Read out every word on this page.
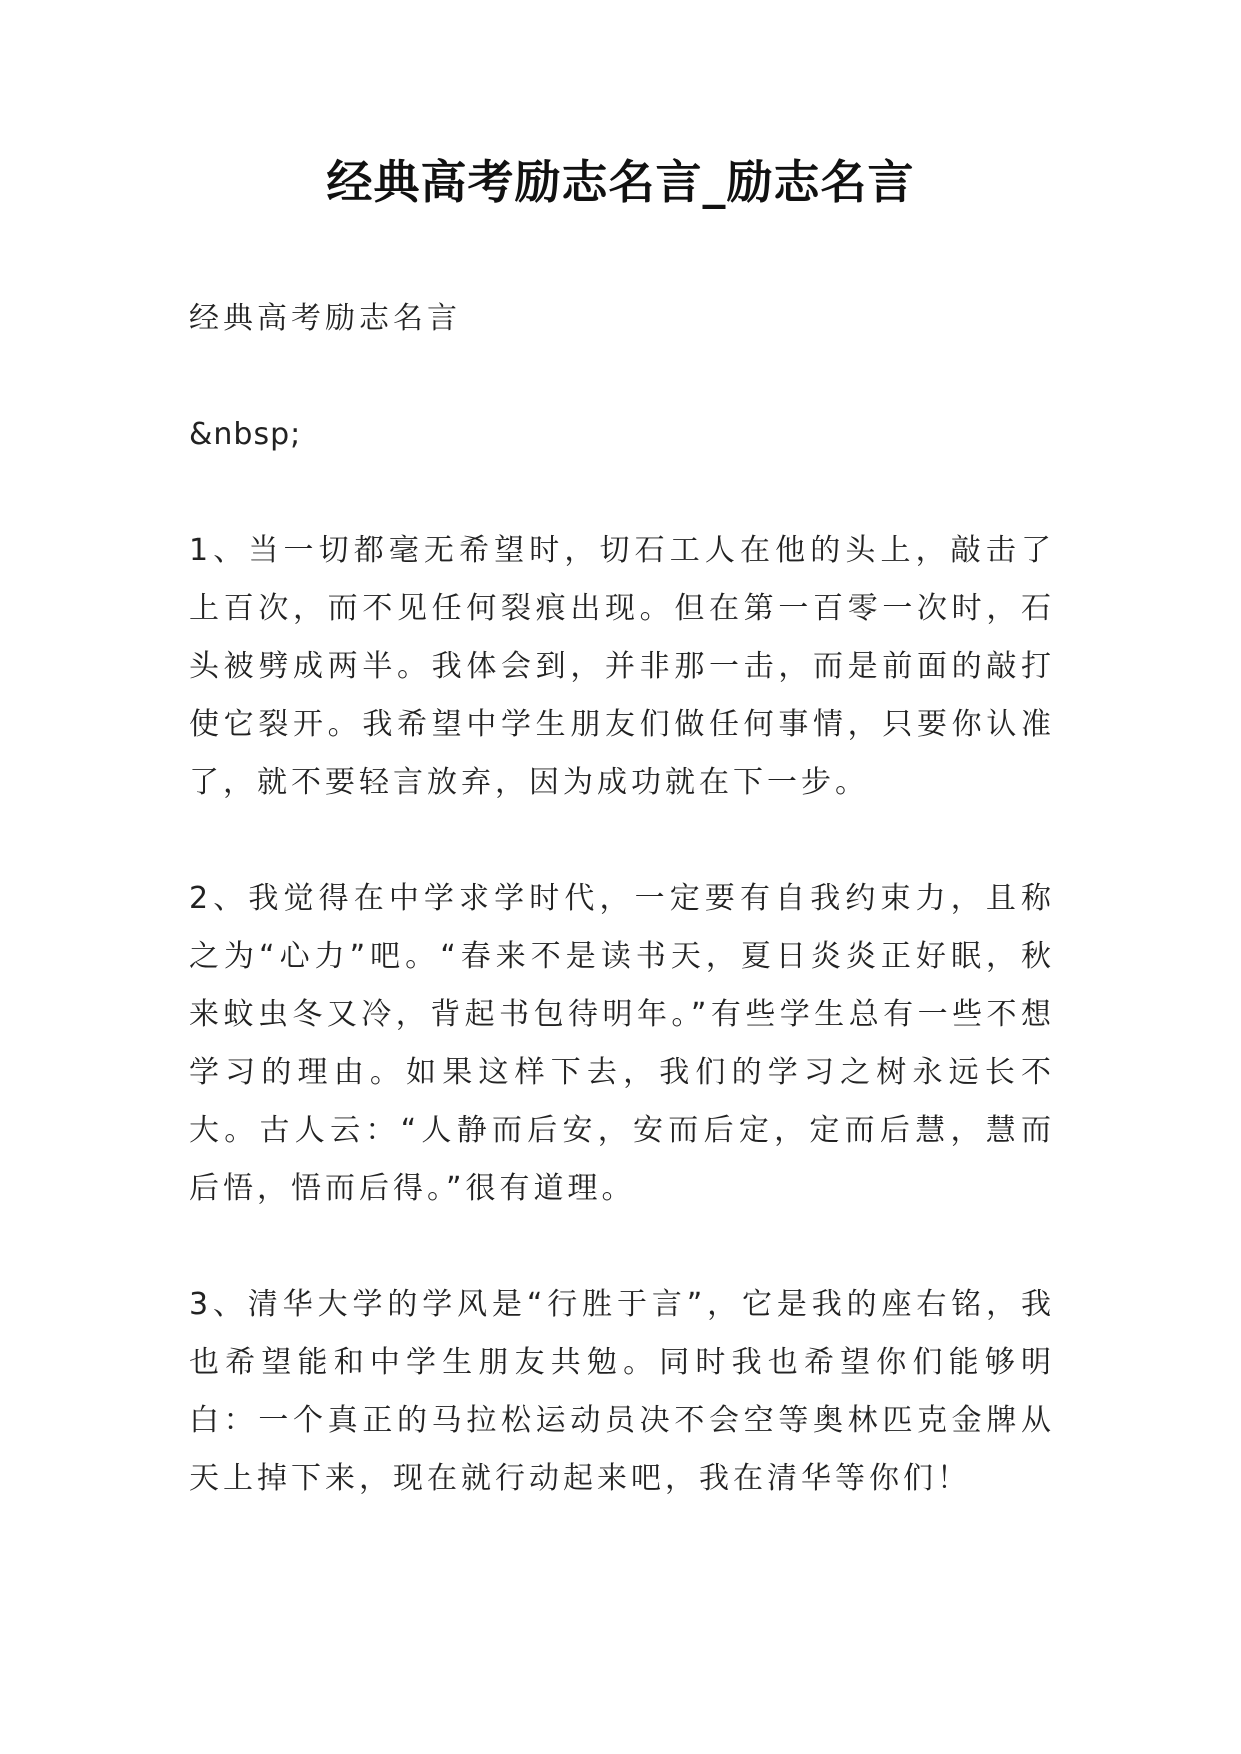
经典高考励志名言_励志名言

经典高考励志名言

&nbsp;

1、当一切都毫无希望时，切石工人在他的头上，敲击了上百次，而不见任何裂痕出现。但在第一百零一次时，石头被劈成两半。我体会到，并非那一击，而是前面的敲打使它裂开。我希望中学生朋友们做任何事情，只要你认准了，就不要轻言放弃，因为成功就在下一步。

2、我觉得在中学求学时代，一定要有自我约束力，且称之为“心力”吧。“春来不是读书天，夏日炎炎正好眠，秋来蚊虫冬又冷，背起书包待明年。”有些学生总有一些不想学习的理由。如果这样下去，我们的学习之树永远长不大。古人云：“人静而后安，安而后定，定而后慧，慧而后悟，悟而后得。”很有道理。

3、清华大学的学风是“行胜于言”，它是我的座右铭，我也希望能和中学生朋友共勉。同时我也希望你们能够明白：一个真正的马拉松运动员决不会空等奥林匹克金牌从天上掉下来，现在就行动起来吧，我在清华等你们！
